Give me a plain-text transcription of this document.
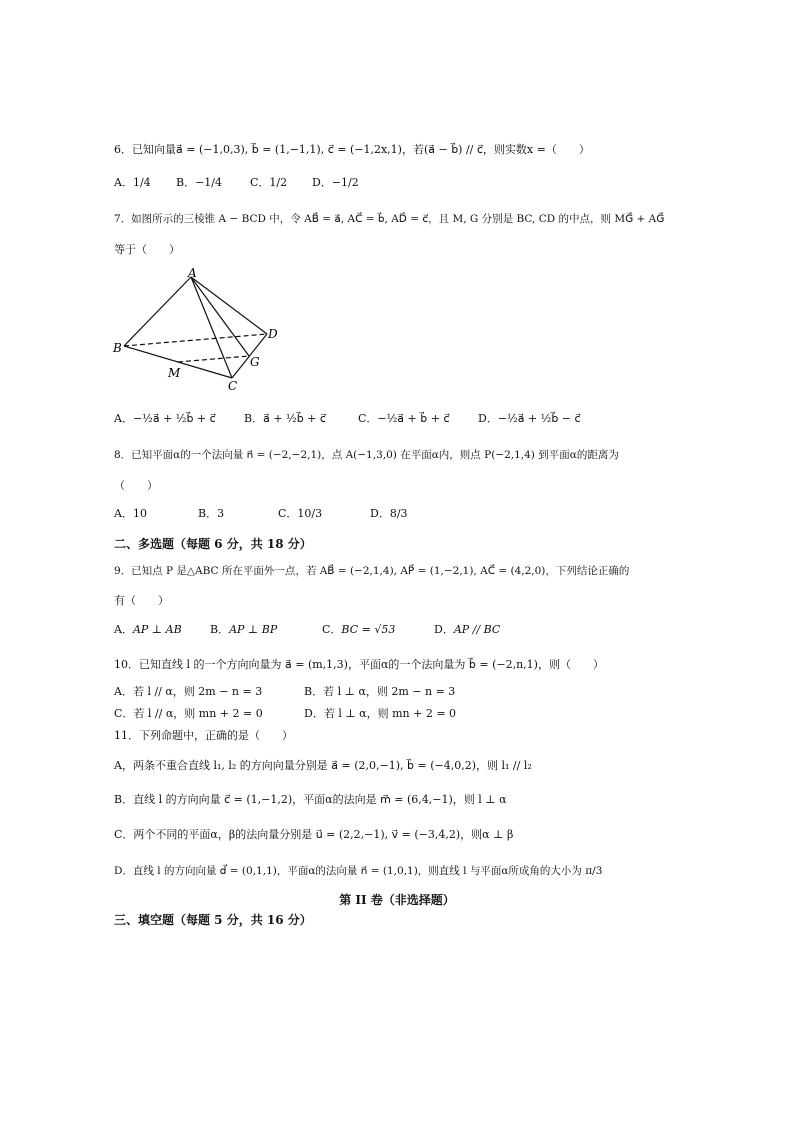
6．已知向量a⃗ = (−1,0,3), b⃗ = (1,−1,1), c⃗ = (−1,2x,1)，若(a⃗ − b⃗) // c⃗，则实数x =（　　）
A．1/4 B．−1/4	C．1/2 D．−1/2
7．如图所示的三棱锥 A − BCD 中，令 AB⃗ = a⃗, AC⃗ = b⃗, AD⃗ = c⃗，且 M, G 分别是 BC, CD 的中点，则 MG⃗ + AG⃗
等于（　　）
A
B
C
D
M
G
A．−½a⃗ + ½b⃗ + c⃗	B．a⃗ + ½b⃗ + c⃗	C．−½a⃗ + b⃗ + c⃗	D．−½a⃗ + ½b⃗ − c⃗
8．已知平面α的一个法向量 n⃗ = (−2,−2,1)，点 A(−1,3,0) 在平面α内，则点 P(−2,1,4) 到平面α的距离为
（　　）
A．10	B．3	C．10/3	D．8/3
二、多选题（每题 6 分，共 18 分）
9．已知点 P 是△ABC 所在平面外一点，若 AB⃗ = (−2,1,4), AP⃗ = (1,−2,1), AC⃗ = (4,2,0)，下列结论正确的
有（　　）
A．AP ⊥ AB	B．AP ⊥ BP	C．BC = √53	D．AP // BC
10．已知直线 l 的一个方向向量为 a⃗ = (m,1,3)，平面α的一个法向量为 b⃗ = (−2,n,1)，则（　　）
A．若 l // α，则 2m − n = 3	B．若 l ⊥ α，则 2m − n = 3
C．若 l // α，则 mn + 2 = 0	D．若 l ⊥ α，则 mn + 2 = 0
11．下列命题中，正确的是（　　）
A，两条不重合直线 l₁, l₂ 的方向向量分别是 a⃗ = (2,0,−1), b⃗ = (−4,0,2)，则 l₁ // l₂
B．直线 l 的方向向量 c⃗ = (1,−1,2)，平面α的法向是 m⃗ = (6,4,−1)，则 l ⊥ α
C．两个不同的平面α，β的法向量分别是 u⃗ = (2,2,−1), v⃗ = (−3,4,2)，则α ⊥ β
D．直线 l 的方向向量 d⃗ = (0,1,1)，平面α的法向量 n⃗ = (1,0,1)，则直线 l 与平面α所成角的大小为 π/3
第 II 卷（非选择题）
三、填空题（每题 5 分，共 16 分）
